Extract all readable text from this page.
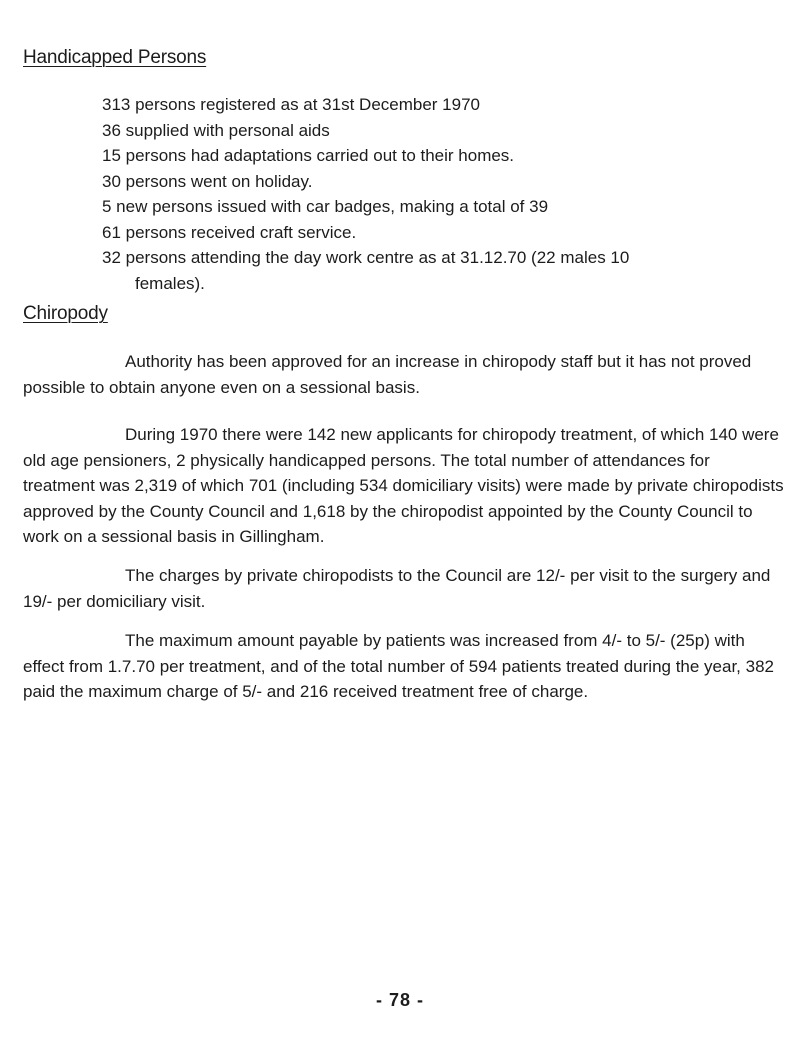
Handicapped Persons
313 persons registered as at 31st December 1970
36 supplied with personal aids
15 persons had adaptations carried out to their homes.
30 persons went on holiday.
5 new persons issued with car badges, making a total of 39
61 persons received craft service.
32 persons attending the day work centre as at 31.12.70 (22 males 10 females).
Chiropody

Authority has been approved for an increase in chiropody staff but it has not proved possible to obtain anyone even on a sessional basis.

During 1970 there were 142 new applicants for chiropody treatment, of which 140 were old age pensioners, 2 physically handicapped persons. The total number of attendances for treatment was 2,319 of which 701 (including 534 domiciliary visits) were made by private chiropodists approved by the County Council and 1,618 by the chiropodist appointed by the County Council to work on a sessional basis in Gillingham.

The charges by private chiropodists to the Council are 12/- per visit to the surgery and 19/- per domiciliary visit.

The maximum amount payable by patients was increased from 4/- to 5/- (25p) with effect from 1.7.70 per treatment, and of the total number of 594 patients treated during the year, 382 paid the maximum charge of 5/- and 216 received treatment free of charge.

- 78 -
